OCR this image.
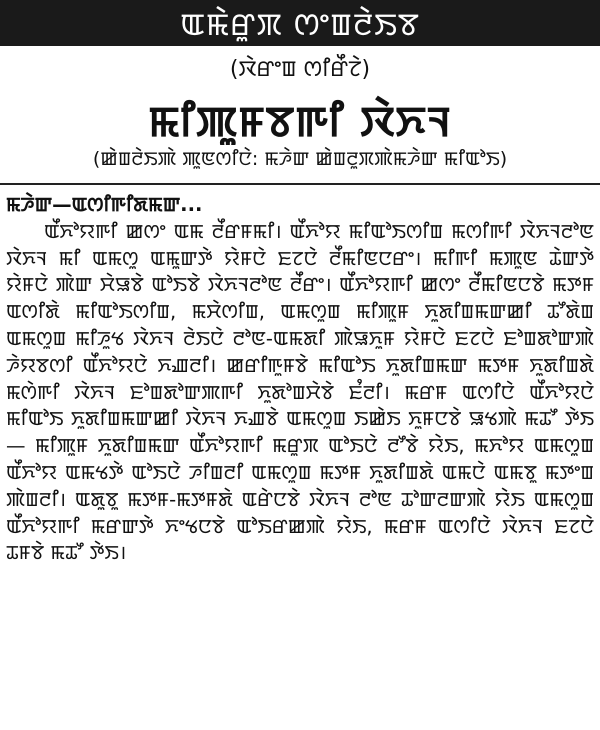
ꯑꯃꯥꯔꯨꯞ ꯁꯦꯡꯂꯥꯏꯕ
(ꯋꯥꯔꯦꯡ ꯁꯤꯔꯩꯖꯥ)
ꯃꯤꯄꯨꯝꯕꯒꯤ ꯋꯥꯈꯜ
(ꯀꯥꯡꯂꯥꯏꯄꯥ ꯄꯨꯟꯁꯤꯅꯥ: ꯃꯍꯥꯛ ꯀꯥꯡꯂꯨꯞꯄꯥꯃꯍꯥꯛ ꯃꯤꯑꯣꯏ)

ꯃꯍꯥꯛ—ꯑꯁꯤꯒꯤꯗꯃꯛ...

ꯑꯩꯈꯣꯌꯒꯤ ꯀꯁꯦ ꯑꯃ ꯂꯩꯔꯝꯃꯤ। ꯑꯩꯈꯣꯌ ꯃꯤꯑꯣꯏꯁꯤꯡ ꯃꯁꯤꯒꯤ ꯋꯥꯈꯜꯂꯣꯟ ꯋꯥꯈꯜ ꯃꯤ ꯑꯃꯁꯨ ꯑꯃꯨꯛꯇꯥ ꯌꯥꯝꯅꯥ ꯐꯖꯅꯥ ꯂꯩꯃꯤꯟꯅꯔꯦ। ꯃꯤꯒꯤ ꯃꯄꯨꯟ ꯊꯥꯛꯇꯥ ꯌꯥꯝꯅꯥ ꯄꯥꯛ ꯆꯥꯎꯕꯥ ꯑꯣꯏꯕꯥ ꯋꯥꯈꯜꯂꯣꯟ ꯂꯩꯔꯦ। ꯑꯩꯈꯣꯌꯒꯤ ꯀꯁꯦ ꯂꯩꯃꯤꯟꯅꯕꯥ ꯃꯇꯝ ꯑꯁꯤꯗꯥ ꯃꯤꯑꯣꯏꯁꯤꯡ, ꯃꯆꯥꯁꯤꯡ, ꯑꯃꯁꯨꯡ ꯃꯤꯄꯨꯝ ꯈꯨꯗꯤꯡꯃꯛꯀꯤ ꯊꯧꯗꯥꯡ ꯑꯃꯁꯨꯡ ꯃꯤꯍꯨꯠ ꯋꯥꯈꯜ ꯂꯥꯏꯅꯥ ꯂꯣꯟ-ꯑꯃꯗꯤ ꯄꯥꯎꯈꯨꯝ ꯌꯥꯝꯅꯥ ꯐꯖꯅꯥ ꯐꯣꯡꯗꯣꯛꯄꯥ ꯍꯥꯌꯕꯁꯤ ꯑꯩꯈꯣꯌꯅꯥ ꯈꯉꯂꯤ। ꯀꯔꯤꯒꯨꯝꯕꯥ ꯃꯤꯑꯣꯏ ꯈꯨꯗꯤꯡꯃꯛ ꯃꯇꯝ ꯈꯨꯗꯤꯡꯗꯥ ꯃꯁꯥꯒꯤ ꯋꯥꯈꯜ ꯐꯣꯡꯗꯣꯛꯄꯒꯤ ꯈꯨꯗꯣꯡꯆꯥꯕꯥ ꯐꯪꯂꯤ। ꯃꯔꯝ ꯑꯁꯤꯅꯥ ꯑꯩꯈꯣꯌꯅꯥ ꯃꯤꯑꯣꯏ ꯈꯨꯗꯤꯡꯃꯛꯀꯤ ꯋꯥꯈꯜ ꯈꯉꯕꯥ ꯑꯃꯁꯨꯡ ꯏꯀꯥꯏ ꯈꯨꯝꯅꯕꯥ ꯎꯠꯄꯥ ꯃꯊꯧ ꯇꯥꯏ— ꯃꯤꯄꯨꯝ ꯈꯨꯗꯤꯡꯃꯛ ꯑꯩꯈꯣꯌꯒꯤ ꯃꯔꯨꯞ ꯑꯣꯏꯅꯥ ꯂꯧꯕꯥ ꯌꯥꯏ, ꯃꯈꯣꯌ ꯑꯃꯁꯨꯡ ꯑꯩꯈꯣꯌ ꯑꯃꯠꯇꯥ ꯑꯣꯏꯅꯥ ꯍꯤꯡꯂꯤ ꯑꯃꯁꯨꯡ ꯃꯇꯝ ꯈꯨꯗꯤꯡꯗꯥ ꯑꯃꯅꯥ ꯑꯃꯕꯨ ꯃꯇꯦꯡ ꯄꯥꯡꯂꯤ। ꯑꯗꯨꯕꯨ ꯃꯇꯝ-ꯃꯇꯝꯗꯥ ꯑꯔꯥꯅꯕꯥ ꯋꯥꯈꯜ ꯂꯣꯟ ꯊꯣꯛꯂꯛꯄꯥ ꯌꯥꯏ ꯑꯃꯁꯨꯡ ꯑꯩꯈꯣꯌꯒꯤ ꯃꯔꯛꯇꯥ ꯈꯦꯠꯅꯕꯥ ꯑꯣꯏꯔꯀꯄꯥ ꯌꯥꯏ, ꯃꯔꯝ ꯑꯁꯤꯅꯥ ꯋꯥꯈꯜ ꯐꯖꯅꯥ ꯊꯝꯕꯥ ꯃꯊꯧ ꯇꯥꯏ।
